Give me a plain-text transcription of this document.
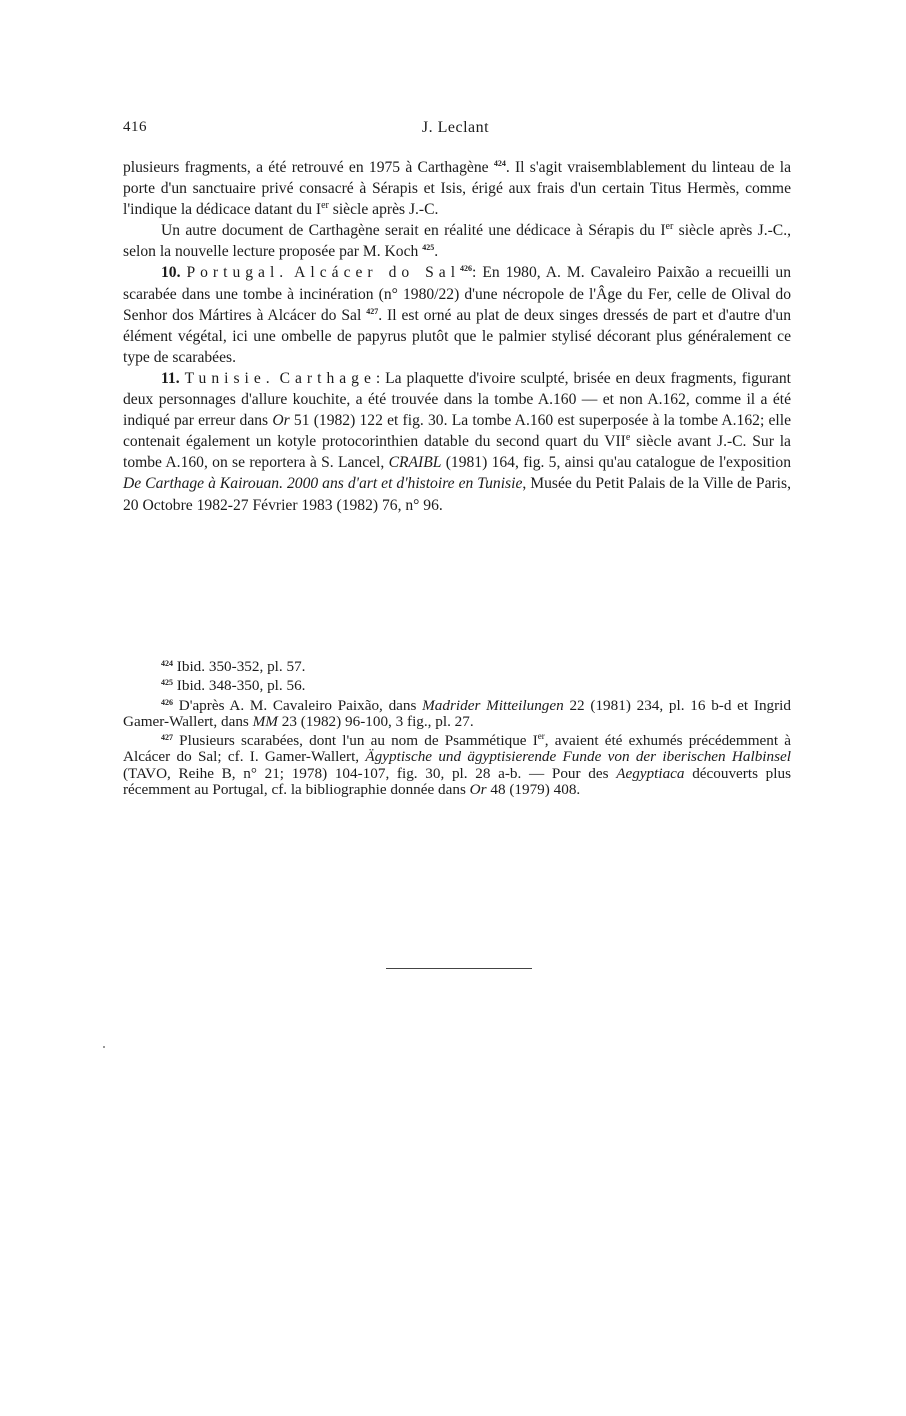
416	J. Leclant

plusieurs fragments, a été retrouvé en 1975 à Carthagène $^{424}$. Il s'agit vraisemblablement du linteau de la porte d'un sanctuaire privé consacré à Sérapis et Isis, érigé aux frais d'un certain Titus Hermès, comme l'indique la dédicace datant du Ier siècle après J.-C.

Un autre document de Carthagène serait en réalité une dédicace à Sérapis du Ier siècle après J.-C., selon la nouvelle lecture proposée par M. Koch $^{425}$.

10. Portugal. Alcácer do Sal$^{426}$: En 1980, A. M. Cavaleiro Paixão a recueilli un scarabée dans une tombe à incinération (n° 1980/22) d'une nécropole de l'Âge du Fer, celle de Olival do Senhor dos Mártires à Alcácer do Sal $^{427}$. Il est orné au plat de deux singes dressés de part et d'autre d'un élément végétal, ici une ombelle de papyrus plutôt que le palmier stylisé décorant plus généralement ce type de scarabées.

11. Tunisie. Carthage: La plaquette d'ivoire sculpté, brisée en deux fragments, figurant deux personnages d'allure kouchite, a été trouvée dans la tombe A.160 — et non A.162, comme il a été indiqué par erreur dans Or 51 (1982) 122 et fig. 30. La tombe A.160 est superposée à la tombe A.162; elle contenait également un kotyle protocorinthien datable du second quart du VIIe siècle avant J.-C. Sur la tombe A.160, on se reportera à S. Lancel, CRAIBL (1981) 164, fig. 5, ainsi qu'au catalogue de l'exposition De Carthage à Kairouan. 2000 ans d'art et d'histoire en Tunisie, Musée du Petit Palais de la Ville de Paris, 20 Octobre 1982-27 Février 1983 (1982) 76, n° 96.

$^{424}$ Ibid. 350-352, pl. 57.

$^{425}$ Ibid. 348-350, pl. 56.

$^{426}$ D'après A. M. Cavaleiro Paixão, dans Madrider Mitteilungen 22 (1981) 234, pl. 16 b-d et Ingrid Gamer-Wallert, dans MM 23 (1982) 96-100, 3 fig., pl. 27.

$^{427}$ Plusieurs scarabées, dont l'un au nom de Psammétique Ier, avaient été exhumés précédemment à Alcácer do Sal; cf. I. Gamer-Wallert, Ägyptische und ägyptisierende Funde von der iberischen Halbinsel (TAVO, Reihe B, n° 21; 1978) 104-107, fig. 30, pl. 28 a-b. — Pour des Aegyptiaca découverts plus récemment au Portugal, cf. la bibliographie donnée dans Or 48 (1979) 408.
